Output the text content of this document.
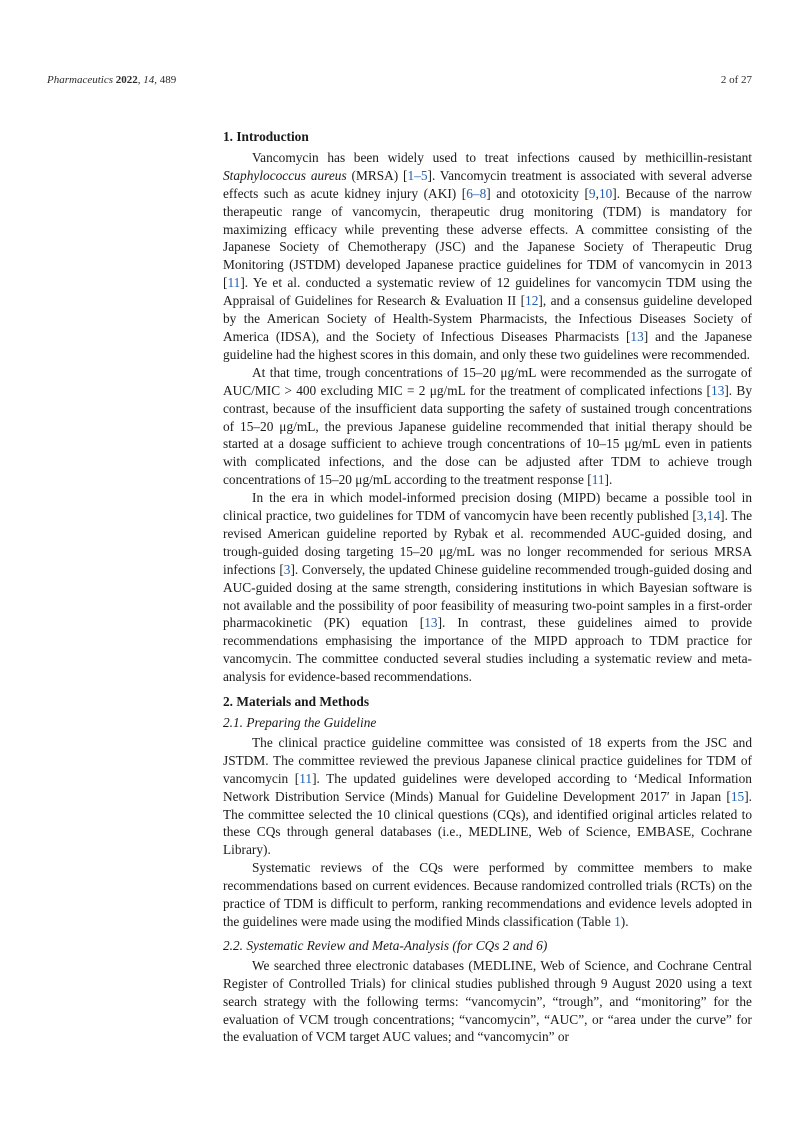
Pharmaceutics 2022, 14, 489	2 of 27
1. Introduction

Vancomycin has been widely used to treat infections caused by methicillin-resistant Staphylococcus aureus (MRSA) [1–5]. Vancomycin treatment is associated with several adverse effects such as acute kidney injury (AKI) [6–8] and ototoxicity [9,10]. Because of the narrow therapeutic range of vancomycin, therapeutic drug monitoring (TDM) is mandatory for maximizing efficacy while preventing these adverse effects. A committee consisting of the Japanese Society of Chemotherapy (JSC) and the Japanese Society of Therapeutic Drug Monitoring (JSTDM) developed Japanese practice guidelines for TDM of vancomycin in 2013 [11]. Ye et al. conducted a systematic review of 12 guidelines for vancomycin TDM using the Appraisal of Guidelines for Research & Evaluation II [12], and a consensus guideline developed by the American Society of Health-System Pharmacists, the Infectious Diseases Society of America (IDSA), and the Society of Infectious Diseases Pharmacists [13] and the Japanese guideline had the highest scores in this domain, and only these two guidelines were recommended.

At that time, trough concentrations of 15–20 μg/mL were recommended as the surrogate of AUC/MIC > 400 excluding MIC = 2 μg/mL for the treatment of complicated infections [13]. By contrast, because of the insufficient data supporting the safety of sustained trough concentrations of 15–20 μg/mL, the previous Japanese guideline recommended that initial therapy should be started at a dosage sufficient to achieve trough concentrations of 10–15 μg/mL even in patients with complicated infections, and the dose can be adjusted after TDM to achieve trough concentrations of 15–20 μg/mL according to the treatment response [11].

In the era in which model-informed precision dosing (MIPD) became a possible tool in clinical practice, two guidelines for TDM of vancomycin have been recently published [3,14]. The revised American guideline reported by Rybak et al. recommended AUC-guided dosing, and trough-guided dosing targeting 15–20 μg/mL was no longer recommended for serious MRSA infections [3]. Conversely, the updated Chinese guideline recommended trough-guided dosing and AUC-guided dosing at the same strength, considering institutions in which Bayesian software is not available and the possibility of poor feasibility of measuring two-point samples in a first-order pharmacokinetic (PK) equation [13]. In contrast, these guidelines aimed to provide recommendations emphasising the importance of the MIPD approach to TDM practice for vancomycin. The committee conducted several studies including a systematic review and meta-analysis for evidence-based recommendations.

2. Materials and Methods
2.1. Preparing the Guideline

The clinical practice guideline committee was consisted of 18 experts from the JSC and JSTDM. The committee reviewed the previous Japanese clinical practice guidelines for TDM of vancomycin [11]. The updated guidelines were developed according to ‘Medical Information Network Distribution Service (Minds) Manual for Guideline Development 2017′ in Japan [15]. The committee selected the 10 clinical questions (CQs), and identified original articles related to these CQs through general databases (i.e., MEDLINE, Web of Science, EMBASE, Cochrane Library).

Systematic reviews of the CQs were performed by committee members to make recommendations based on current evidences. Because randomized controlled trials (RCTs) on the practice of TDM is difficult to perform, ranking recommendations and evidence levels adopted in the guidelines were made using the modified Minds classification (Table 1).

2.2. Systematic Review and Meta-Analysis (for CQs 2 and 6)

We searched three electronic databases (MEDLINE, Web of Science, and Cochrane Central Register of Controlled Trials) for clinical studies published through 9 August 2020 using a text search strategy with the following terms: “vancomycin”, “trough”, and “monitoring” for the evaluation of VCM trough concentrations; “vancomycin”, “AUC”, or “area under the curve” for the evaluation of VCM target AUC values; and “vancomycin” or
